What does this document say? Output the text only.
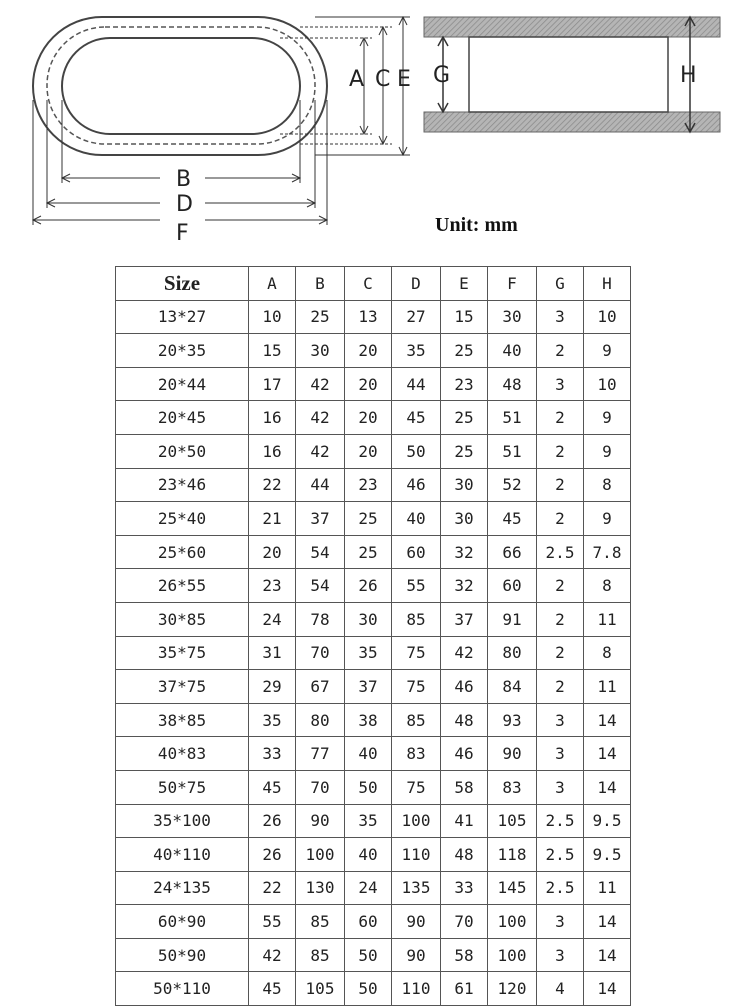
A C E
B
D
F
G	H
Unit: mm
Size	A	B	C	D	E	F	G	H
13*27	10	25	13	27	15	30	3	10
20*35	15	30	20	35	25	40	2	9
20*44	17	42	20	44	23	48	3	10
20*45	16	42	20	45	25	51	2	9
20*50	16	42	20	50	25	51	2	9
23*46	22	44	23	46	30	52	2	8
25*40	21	37	25	40	30	45	2	9
25*60	20	54	25	60	32	66	2.5	7.8
26*55	23	54	26	55	32	60	2	8
30*85	24	78	30	85	37	91	2	11
35*75	31	70	35	75	42	80	2	8
37*75	29	67	37	75	46	84	2	11
38*85	35	80	38	85	48	93	3	14
40*83	33	77	40	83	46	90	3	14
50*75	45	70	50	75	58	83	3	14
35*100	26	90	35	100	41	105	2.5	9.5
40*110	26	100	40	110	48	118	2.5	9.5
24*135	22	130	24	135	33	145	2.5	11
60*90	55	85	60	90	70	100	3	14
50*90	42	85	50	90	58	100	3	14
50*110	45	105	50	110	61	120	4	14
